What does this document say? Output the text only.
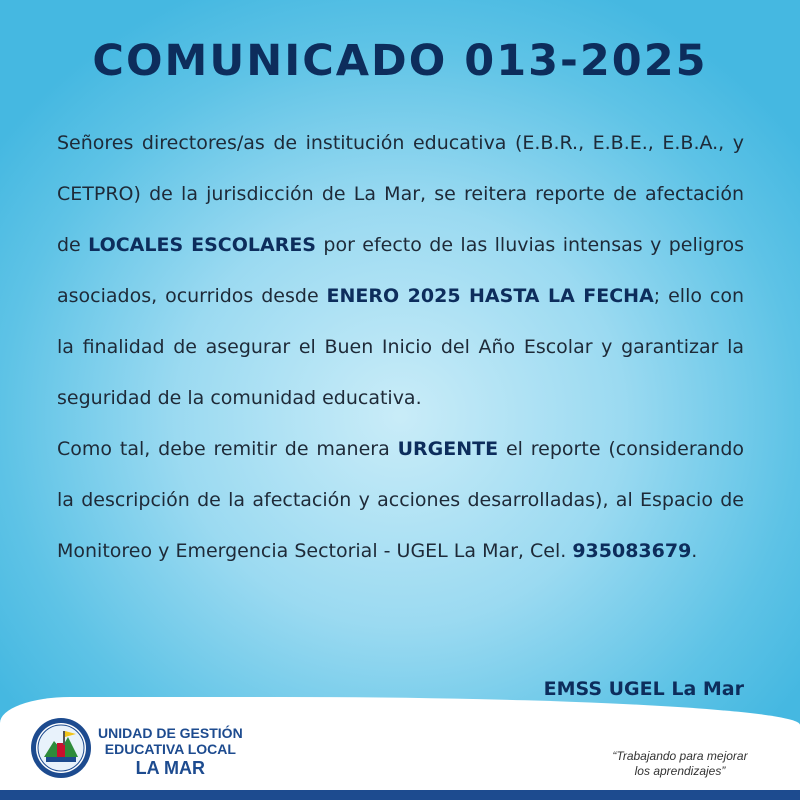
COMUNICADO 013-2025

Señores directores/as de institución educativa (E.B.R., E.B.E., E.B.A., y CETPRO) de la jurisdicción de La Mar, se reitera reporte de afectación de LOCALES ESCOLARES por efecto de las lluvias intensas y peligros asociados, ocurridos desde ENERO 2025 HASTA LA FECHA; ello con la finalidad de asegurar el Buen Inicio del Año Escolar y garantizar la seguridad de la comunidad educativa.

Como tal, debe remitir de manera URGENTE el reporte (considerando la descripción de la afectación y acciones desarrolladas), al Espacio de Monitoreo y Emergencia Sectorial - UGEL La Mar, Cel. 935083679.

EMSS UGEL La Mar
UNIDAD DE GESTIÓN
EDUCATIVA LOCAL
LA MAR
“Trabajando para mejorar
los aprendizajes”
